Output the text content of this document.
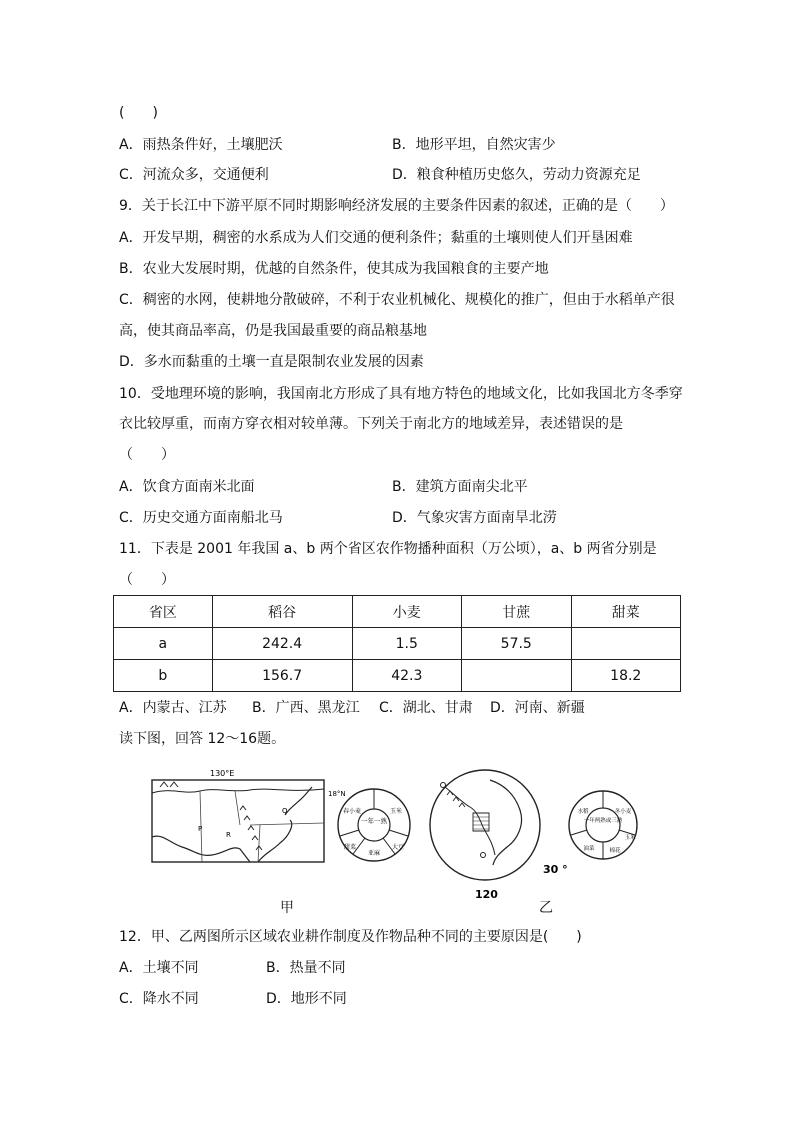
(　　)
A．雨热条件好，土壤肥沃	B．地形平坦，自然灾害少
C．河流众多，交通便利	D．粮食种植历史悠久，劳动力资源充足
9．关于长江中下游平原不同时期影响经济发展的主要条件因素的叙述，正确的是（　　）
A．开发早期，稠密的水系成为人们交通的便利条件；黏重的土壤则使人们开垦困难
B．农业大发展时期，优越的自然条件，使其成为我国粮食的主要产地
C．稠密的水网，使耕地分散破碎，不利于农业机械化、规模化的推广，但由于水稻单产很
高，使其商品率高，仍是我国最重要的商品粮基地
D．多水而黏重的土壤一直是限制农业发展的因素
10．受地理环境的影响，我国南北方形成了具有地方特色的地域文化，比如我国北方冬季穿
衣比较厚重，而南方穿衣相对较单薄。下列关于南北方的地域差异，表述错误的是
（　　）
A．饮食方面南米北面	B．建筑方面南尖北平
C．历史交通方面南船北马	D．气象灾害方面南旱北涝
11．下表是 2001 年我国 a、b 两个省区农作物播种面积（万公顷），a、b 两省分别是
（　　）
省区	稻谷	小麦	甘蔗	甜菜
a	242.4	1.5	57.5	
b	156.7	42.3		18.2
A．内蒙古、江苏 B．广西、黑龙江 C．湖北、甘肃 D．河南、新疆
读下图，回答 12～16题。
130°E
18°N
P
R
Q
一年一熟
春小麦	玉米
甜菜
亚麻
大豆
30 °
120
一年两熟或三熟
冬小麦
水稻
玉米
棉花
油菜
甲	乙
12．甲、乙两图所示区域农业耕作制度及作物品种不同的主要原因是(　　)
A．土壤不同	B．热量不同
C．降水不同	D．地形不同
